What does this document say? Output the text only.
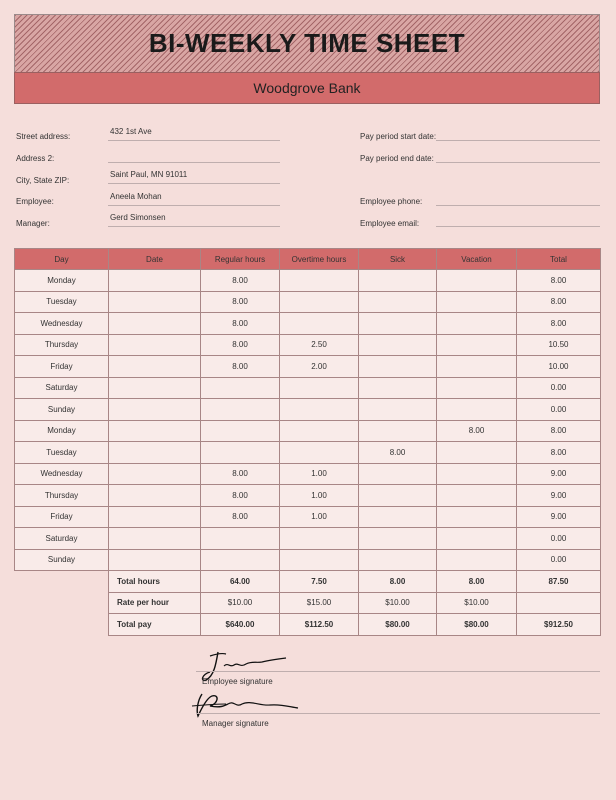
BI-WEEKLY TIME SHEET
Woodgrove Bank
Street address:
432 1st Ave
Address 2:
City, State ZIP:
Saint Paul, MN 91011
Employee:
Aneela Mohan
Manager:
Gerd Simonsen
Pay period start date:
Pay period end date:
Employee phone:
Employee email:
Day	Date	Regular hours	Overtime hours	Sick	Vacation	Total
Monday		8.00				8.00
Tuesday		8.00				8.00
Wednesday		8.00				8.00
Thursday		8.00	2.50			10.50
Friday		8.00	2.00			10.00
Saturday						0.00
Sunday						0.00
Monday					8.00	8.00
Tuesday				8.00		8.00
Wednesday		8.00	1.00			9.00
Thursday		8.00	1.00			9.00
Friday		8.00	1.00			9.00
Saturday						0.00
Sunday						0.00
	Total hours	64.00	7.50	8.00	8.00	87.50
	Rate per hour	$10.00	$15.00	$10.00	$10.00	
	Total pay	$640.00	$112.50	$80.00	$80.00	$912.50
Employee signature
Manager signature
